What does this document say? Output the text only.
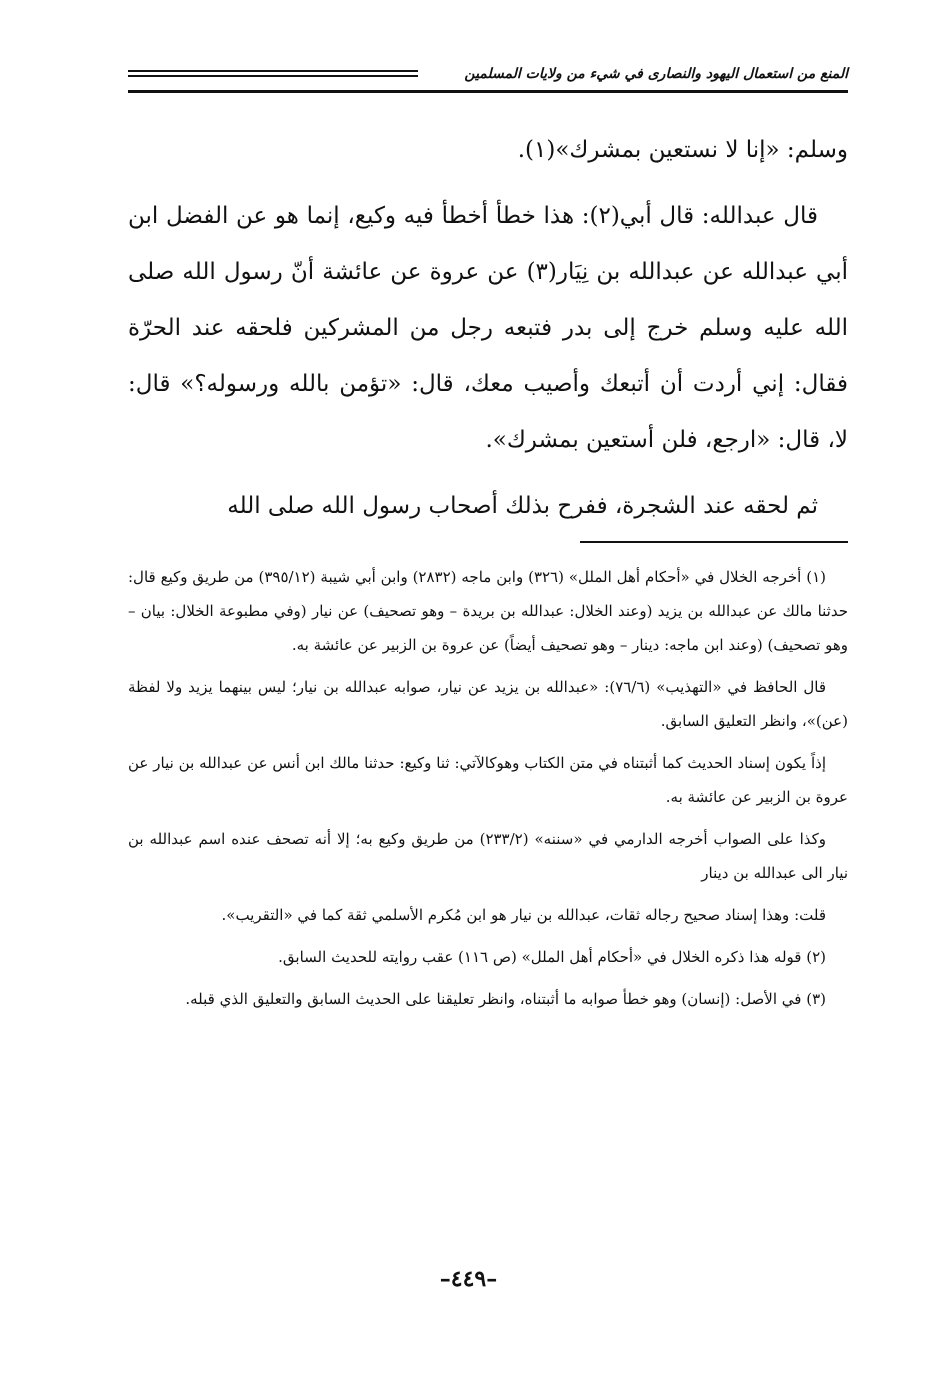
المنع من استعمال اليهود والنصارى في شيء من ولايات المسلمين

وسلم: «إنا لا نستعين بمشرك»(١).

قال عبدالله: قال أبي(٢): هذا خطأ أخطأ فيه وكيع، إنما هو عن الفضل ابن أبي عبدالله عن عبدالله بن نِيَار(٣) عن عروة عن عائشة أنّ رسول الله صلى الله عليه وسلم خرج إلى بدر فتبعه رجل من المشركين فلحقه عند الحرّة فقال: إني أردت أن أتبعك وأصيب معك، قال: «تؤمن بالله ورسوله؟» قال: لا، قال: «ارجع، فلن أستعين بمشرك».

ثم لحقه عند الشجرة، ففرح بذلك أصحاب رسول الله صلى الله

(١) أخرجه الخلال في «أحكام أهل الملل» (٣٢٦) وابن ماجه (٢٨٣٢) وابن أبي شيبة (٣٩٥/١٢) من طريق وكيع قال: حدثنا مالك عن عبدالله بن يزيد (وعند الخلال: عبدالله بن بريدة – وهو تصحيف) عن نيار (وفي مطبوعة الخلال: بيان – وهو تصحيف) (وعند ابن ماجه: دينار – وهو تصحيف أيضاً) عن عروة بن الزبير عن عائشة به.

قال الحافظ في «التهذيب» (٧٦/٦): «عبدالله بن يزيد عن نيار، صوابه عبدالله بن نيار؛ ليس بينهما يزيد ولا لفظة (عن)»، وانظر التعليق السابق.

إذاً يكون إسناد الحديث كما أثبتناه في متن الكتاب وهوكالآتي: ثنا وكيع: حدثنا مالك ابن أنس عن عبدالله بن نيار عن عروة بن الزبير عن عائشة به.

وكذا على الصواب أخرجه الدارمي في «سننه» (٢٣٣/٢) من طريق وكيع به؛ إلا أنه تصحف عنده اسم عبدالله بن نيار الى عبدالله بن دينار

قلت: وهذا إسناد صحيح رجاله ثقات، عبدالله بن نيار هو ابن مُكرم الأسلمي ثقة كما في «التقريب».

(٢) قوله هذا ذكره الخلال في «أحكام أهل الملل» (ص ١١٦) عقب روايته للحديث السابق.

(٣) في الأصل: (إنسان) وهو خطأ صوابه ما أثبتناه، وانظر تعليقنا على الحديث السابق والتعليق الذي قبله.

–٤٤٩–
